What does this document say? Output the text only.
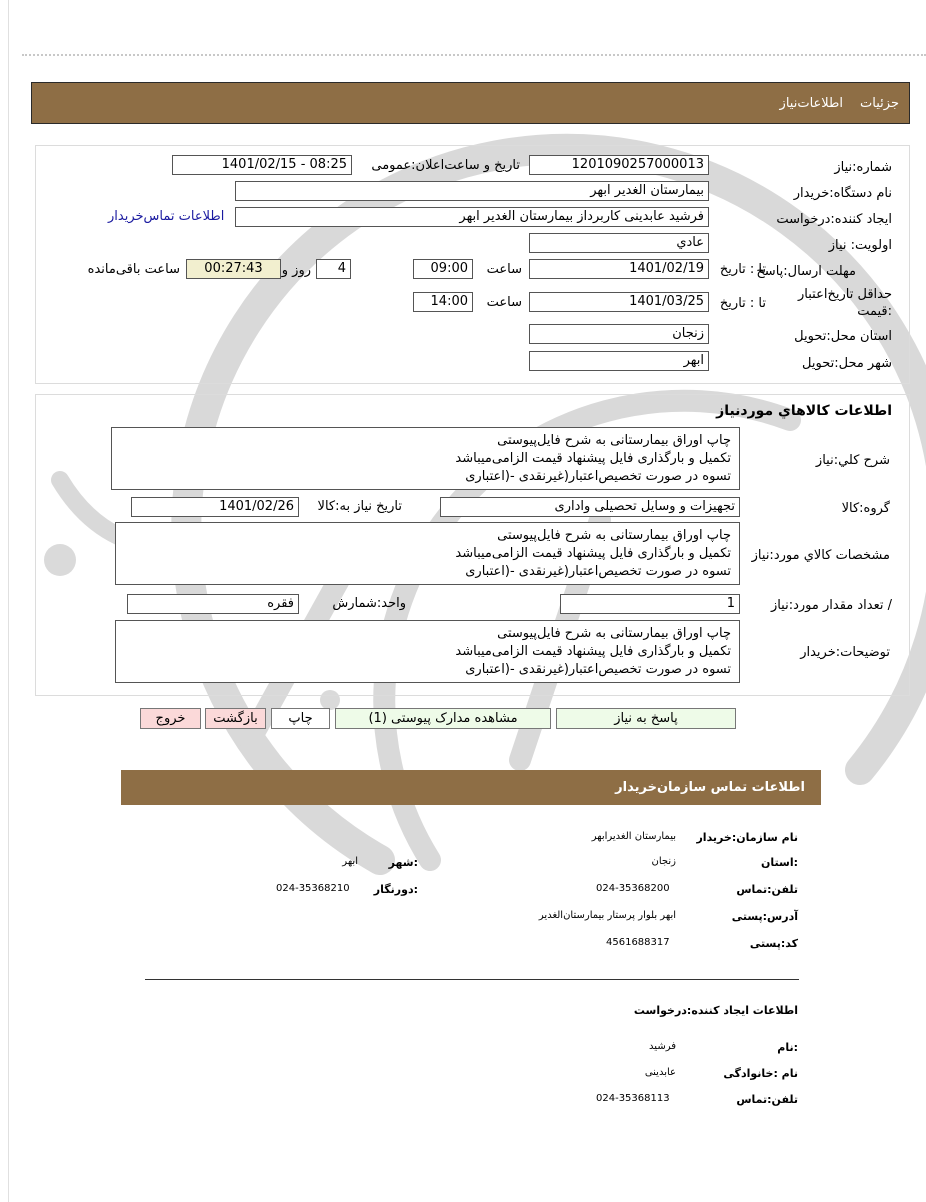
جزئیات
اطلاعات‌نیاز
شماره:نیاز
1201090257000013
تاریخ و ساعت‌اعلان:عمومی
1401/02/15 - 08:25
نام دستگاه:خریدار
بیمارستان الغدیر ابهر
ایجاد کننده:درخواست
فرشید عابدینی کاربرداز بیمارستان الغدیر ابهر
اطلاعات تماس‌خریدار
اولویت: نیاز
عادي
مهلت ارسال:پاسخ
تا : تاریخ
1401/02/19
ساعت
09:00
4
روز و
00:27:43
ساعت باقی‌مانده
حداقل تاریخ‌اعتبار
:قیمت
تا : تاریخ
1401/03/25
ساعت
14:00
استان محل:تحویل
زنجان
شهر محل:تحویل
ابهر
اطلاعات کالاهاي مورد‌نياز
شرح کلي:نياز
چاپ اوراق بیمارستانی به شرح فایل‌پیوستی
تکمیل و بارگذاری فایل پیشنهاد قیمت الزامی‌میباشد
تسوه در صورت تخصیص‌اعتبار(غیرنقدی -(اعتباری
گروه:کالا
تجهیزات و وسایل تحصیلی واداری
تاریخ نیاز به:کالا
1401/02/26
مشخصات کالاي مورد:نياز
چاپ اوراق بیمارستانی به شرح فایل‌پیوستی
تکمیل و بارگذاری فایل پیشنهاد قیمت الزامی‌میباشد
تسوه در صورت تخصیص‌اعتبار(غیرنقدی -(اعتباری
/ تعداد مقدار مورد:نیاز
1
واحد:شمارش
فقره
توضیحات:خریدار
چاپ اوراق بیمارستانی به شرح فایل‌پیوستی
تکمیل و بارگذاری فایل پیشنهاد قیمت الزامی‌میباشد
تسوه در صورت تخصیص‌اعتبار(غیرنقدی -(اعتباری
پاسخ به نیاز
مشاهده مدارک پیوستی (1)
چاپ
بازگشت
خروج
اطلاعات تماس سازمان‌خریدار
نام سازمان:خریدار
بیمارستان الغدیرابهر
:استان
زنجان
:شهر
ابهر
تلفن:تماس
024-35368200
:دورنگار
024-35368210
آدرس:پستی
ابهر بلوار پرستار بیمارستان‌الغدیر
کد:پستی
4561688317
اطلاعات ایجاد کننده:درخواست
:نام
فرشید
نام :خانوادگی
عابدینی
تلفن:تماس
024-35368113
